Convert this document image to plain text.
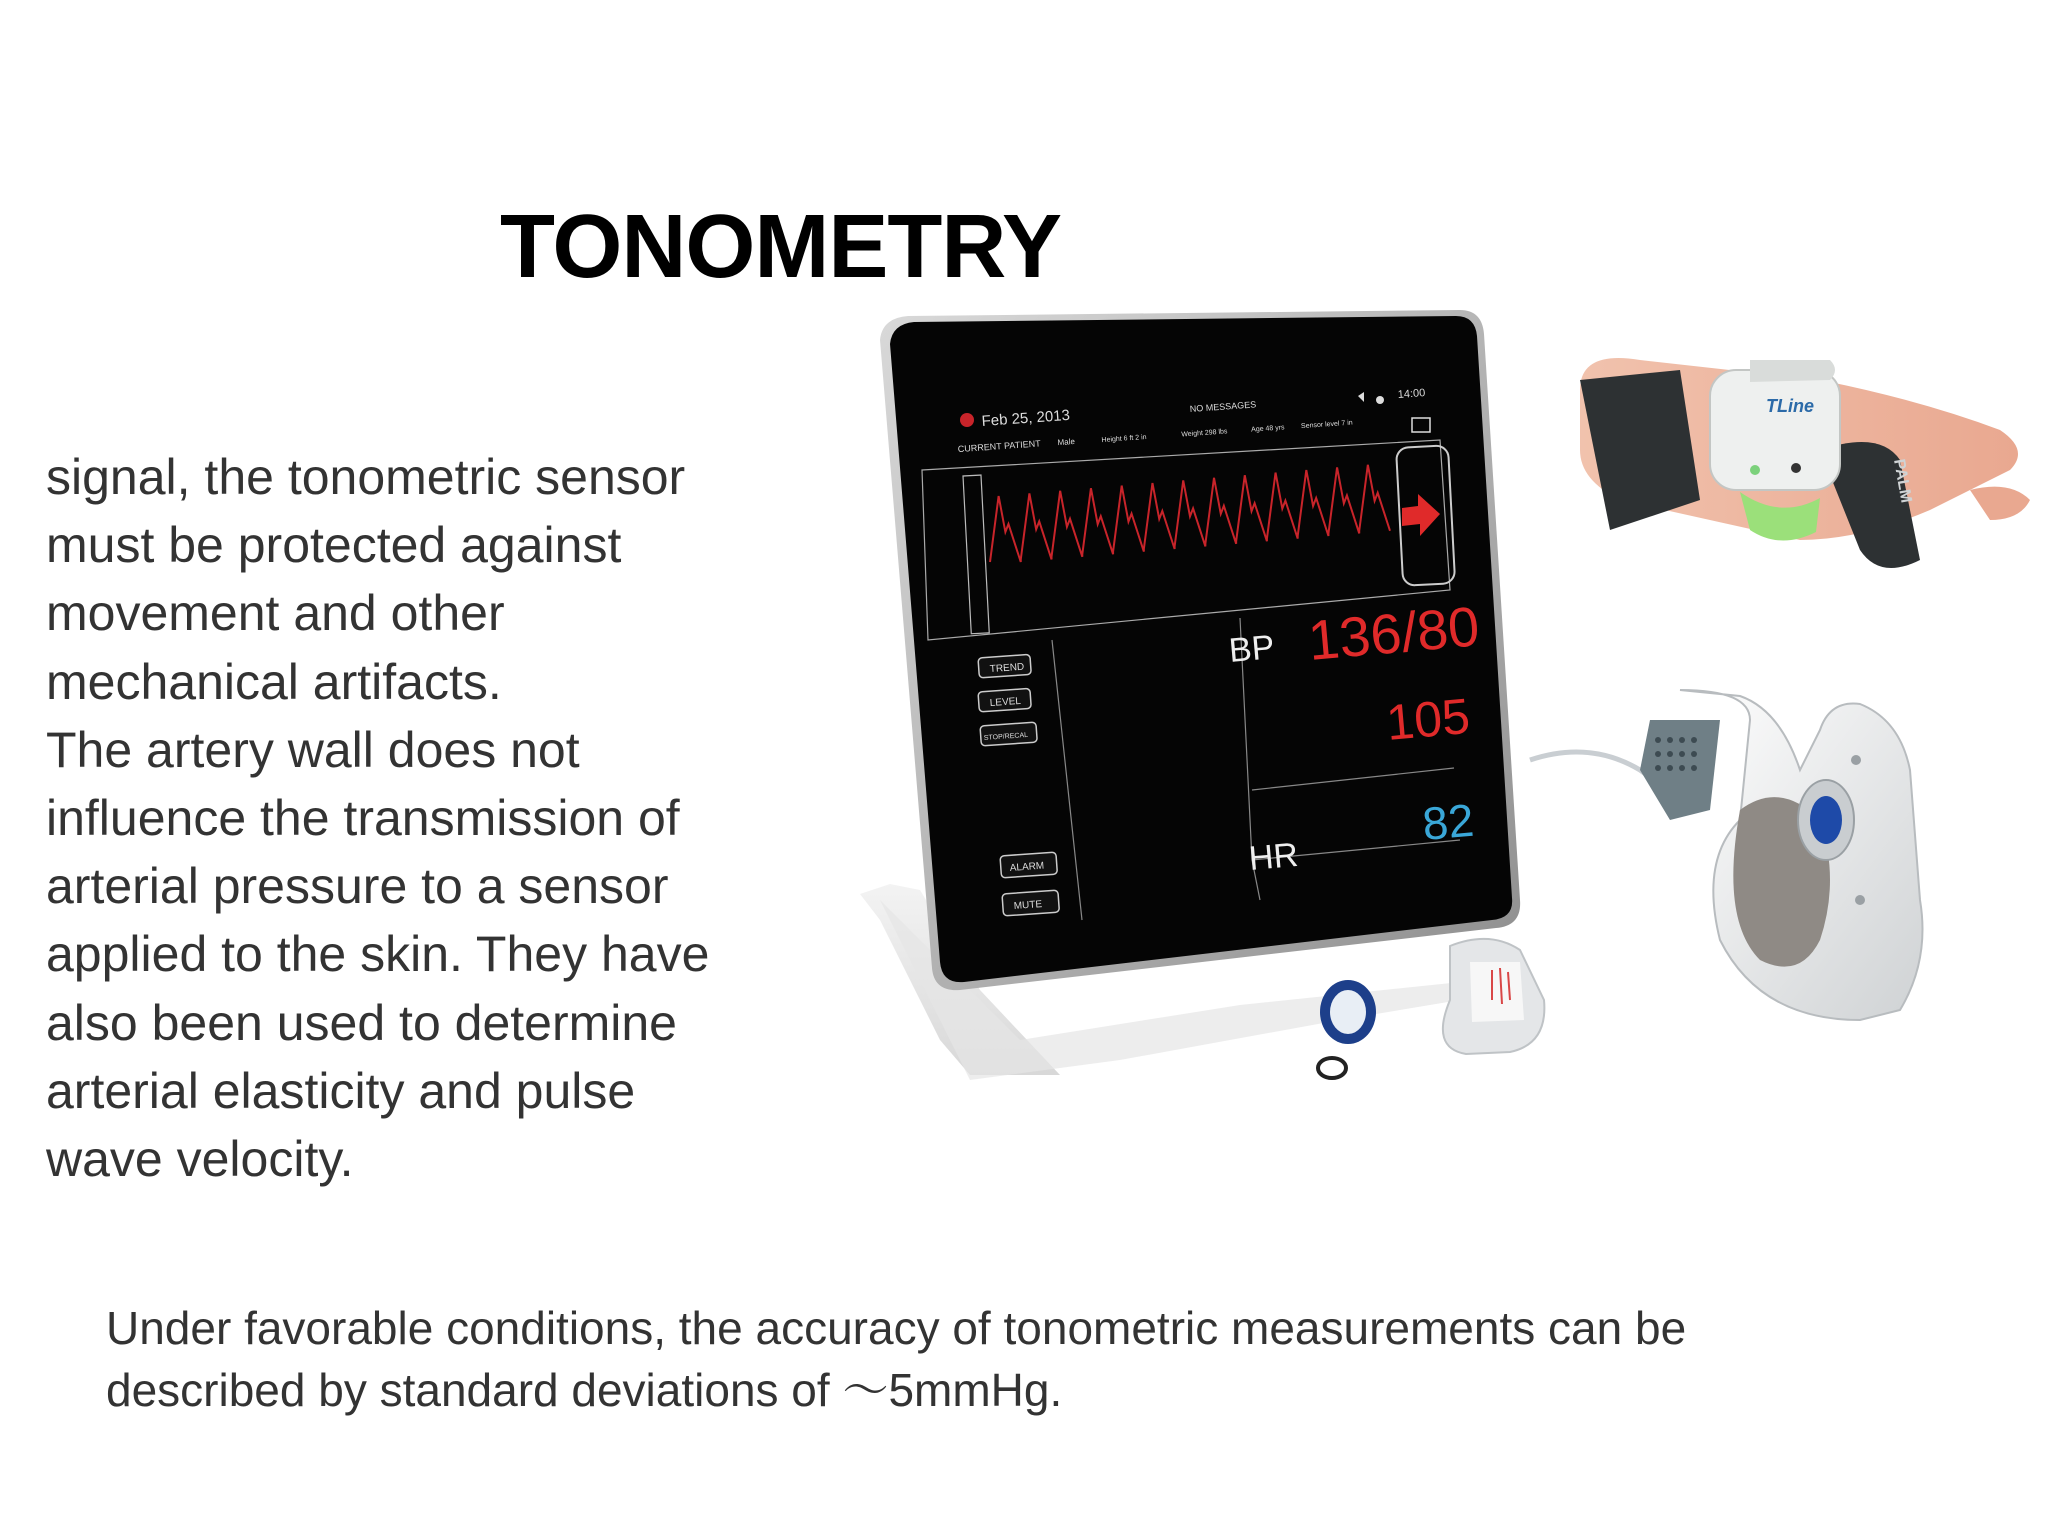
TONOMETRY
signal, the tonometric sensor
must be protected against
movement and other
mechanical artifacts.
The artery wall does not
influence the transmission of
arterial pressure to a sensor
applied to the skin. They have
also been used to determine
arterial elasticity and pulse
wave velocity.
Under favorable conditions, the accuracy of tonometric measurements can be
described by standard deviations of ～5mmHg.
Feb 25, 2013
NO MESSAGES
14:00
CURRENT PATIENT Male	Height 6 ft 2 in
Weight 298 lbs	Age 48 yrs Sensor level 7 in
TREND
LEVEL
STOP/RECAL
ALARM
MUTE
BP 136/80
105
HR
82
TLine
PALM
